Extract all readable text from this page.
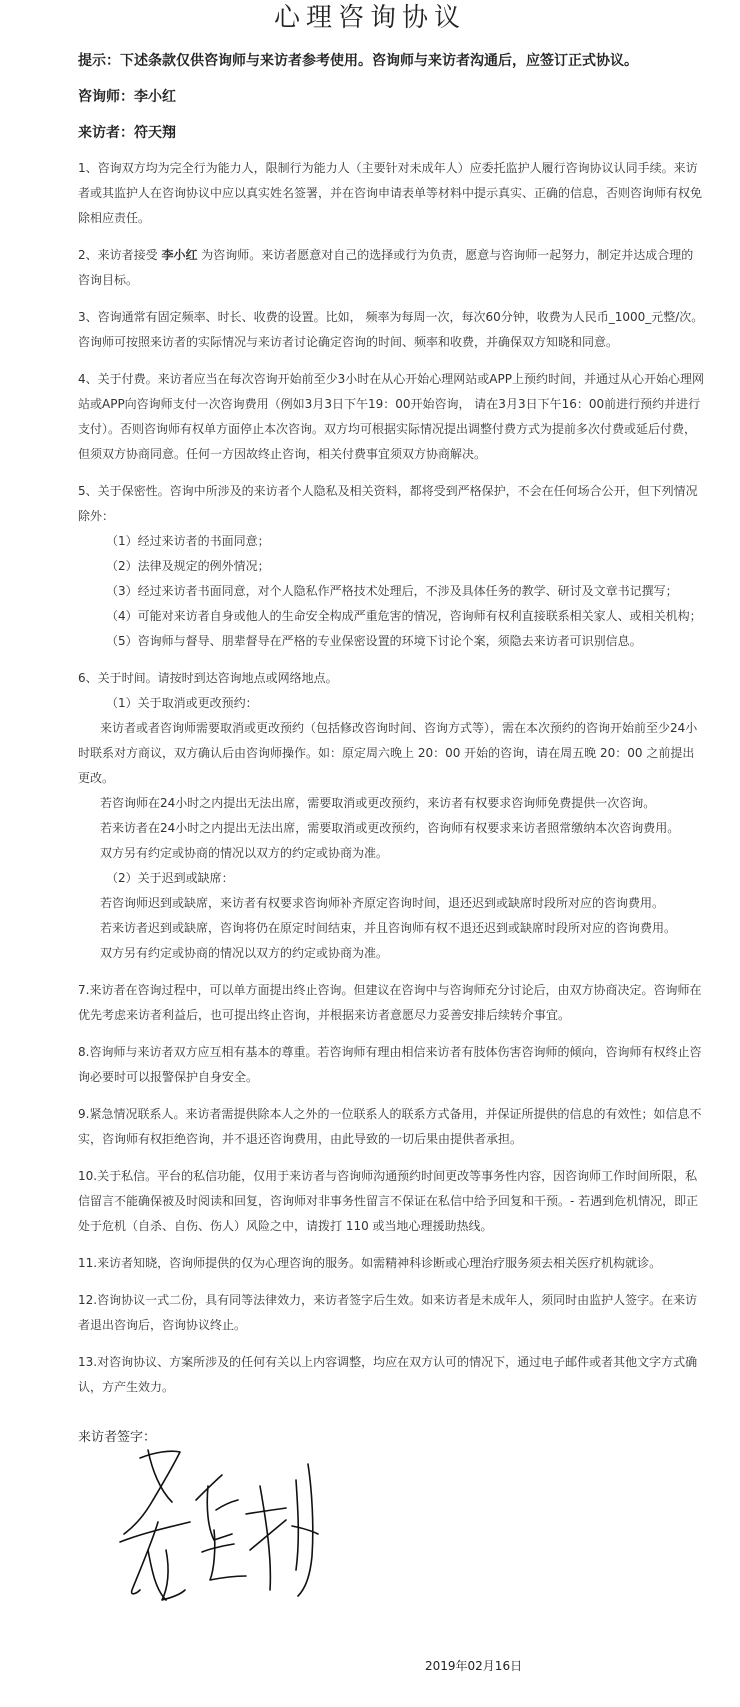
心理咨询协议
提示：下述条款仅供咨询师与来访者参考使用。咨询师与来访者沟通后，应签订正式协议。
咨询师：李小红
来访者：符天翔
1、咨询双方均为完全行为能力人，限制行为能力人（主要针对未成年人）应委托监护人履行咨询协议认同手续。来访者或其监护人在咨询协议中应以真实姓名签署，并在咨询申请表单等材料中提示真实、正确的信息，否则咨询师有权免除相应责任。
2、来访者接受 李小红 为咨询师。来访者愿意对自己的选择或行为负责，愿意与咨询师一起努力，制定并达成合理的咨询目标。
3、咨询通常有固定频率、时长、收费的设置。比如， 频率为每周一次，每次60分钟，收费为人民币_1000_元整/次。咨询师可按照来访者的实际情况与来访者讨论确定咨询的时间、频率和收费，并确保双方知晓和同意。
4、关于付费。来访者应当在每次咨询开始前至少3小时在从心开始心理网站或APP上预约时间，并通过从心开始心理网站或APP向咨询师支付一次咨询费用（例如3月3日下午19：00开始咨询， 请在3月3日下午16：00前进行预约并进行支付）。否则咨询师有权单方面停止本次咨询。双方均可根据实际情况提出调整付费方式为提前多次付费或延后付费，但须双方协商同意。任何一方因故终止咨询，相关付费事宜须双方协商解决。
5、关于保密性。咨询中所涉及的来访者个人隐私及相关资料，都将受到严格保护，不会在任何场合公开，但下列情况除外：
（1）经过来访者的书面同意；
（2）法律及规定的例外情况；
（3）经过来访者书面同意，对个人隐私作严格技术处理后，不涉及具体任务的教学、研讨及文章书记撰写；
（4）可能对来访者自身或他人的生命安全构成严重危害的情况，咨询师有权利直接联系相关家人、或相关机构；
（5）咨询师与督导、朋辈督导在严格的专业保密设置的环境下讨论个案，须隐去来访者可识别信息。
6、关于时间。请按时到达咨询地点或网络地点。
（1）关于取消或更改预约：
来访者或者咨询师需要取消或更改预约（包括修改咨询时间、咨询方式等），需在本次预约的咨询开始前至少24小时联系对方商议，双方确认后由咨询师操作。如：原定周六晚上 20：00 开始的咨询，请在周五晚 20：00 之前提出更改。
若咨询师在24小时之内提出无法出席，需要取消或更改预约，来访者有权要求咨询师免费提供一次咨询。
若来访者在24小时之内提出无法出席，需要取消或更改预约，咨询师有权要求来访者照常缴纳本次咨询费用。
双方另有约定或协商的情况以双方的约定或协商为准。
（2）关于迟到或缺席：
若咨询师迟到或缺席，来访者有权要求咨询师补齐原定咨询时间，退还迟到或缺席时段所对应的咨询费用。
若来访者迟到或缺席，咨询将仍在原定时间结束，并且咨询师有权不退还迟到或缺席时段所对应的咨询费用。
双方另有约定或协商的情况以双方的约定或协商为准。
7.来访者在咨询过程中，可以单方面提出终止咨询。但建议在咨询中与咨询师充分讨论后，由双方协商决定。咨询师在优先考虑来访者利益后，也可提出终止咨询，并根据来访者意愿尽力妥善安排后续转介事宜。
8.咨询师与来访者双方应互相有基本的尊重。若咨询师有理由相信来访者有肢体伤害咨询师的倾向，咨询师有权终止咨询必要时可以报警保护自身安全。
9.紧急情况联系人。来访者需提供除本人之外的一位联系人的联系方式备用，并保证所提供的信息的有效性；如信息不实，咨询师有权拒绝咨询，并不退还咨询费用，由此导致的一切后果由提供者承担。
10.关于私信。平台的私信功能，仅用于来访者与咨询师沟通预约时间更改等事务性内容，因咨询师工作时间所限，私信留言不能确保被及时阅读和回复，咨询师对非事务性留言不保证在私信中给予回复和干预。- 若遇到危机情况，即正处于危机（自杀、自伤、伤人）风险之中，请拨打 110 或当地心理援助热线。
11.来访者知晓，咨询师提供的仅为心理咨询的服务。如需精神科诊断或心理治疗服务须去相关医疗机构就诊。
12.咨询协议一式二份，具有同等法律效力，来访者签字后生效。如来访者是未成年人，须同时由监护人签字。在来访者退出咨询后，咨询协议终止。
13.对咨询协议、方案所涉及的任何有关以上内容调整，均应在双方认可的情况下，通过电子邮件或者其他文字方式确认，方产生效力。
来访者签字：
2019年02月16日
